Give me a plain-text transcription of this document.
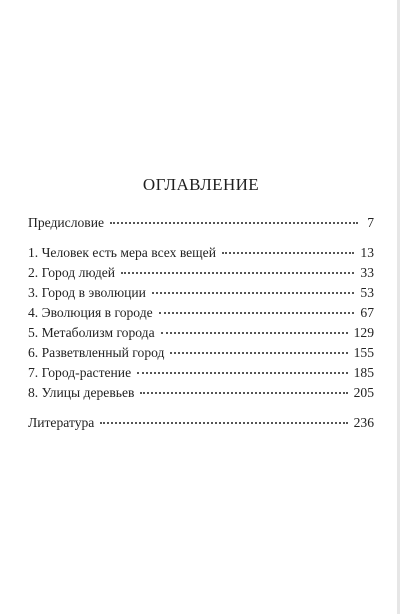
ОГЛАВЛЕНИЕ
Предисловие	7
1. Человек есть мера всех вещей	13
2. Город людей	33
3. Город в эволюции	53
4. Эволюция в городе	67
5. Метаболизм города	129
6. Разветвленный город	155
7. Город-растение	185
8. Улицы деревьев	205
Литература	236
